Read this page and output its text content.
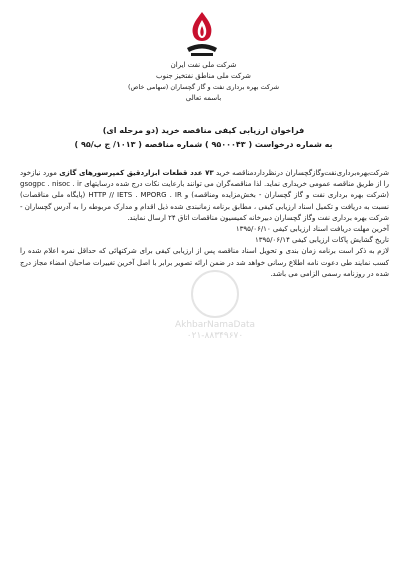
شرکت ملی نفت ایران

شرکت ملی مناطق نفتخیز جنوب

شرکت بهره برداری نفت و گاز گچساران (سهامی خاص)

باسمه تعالی

فراخوان ارزیابی کیفی مناقصه خرید (دو مرحله ای)

به شماره درخواست ( ۹۵۰۰۰۴۳ ) شماره مناقصه ( ۱۰۱۳/ ج ب/۹۵ )

AkhbarNamaData
۰۲۱-۸۸۳۴۹۶۷۰

شرکت‌بهره‌برداری‌نفت‌وگازگچساران درنظردارد‌مناقصه خرید ۷۳ عدد قطعات ابزاردقیق کمپرسورهای گازی مورد نیازخود را از طریق مناقصه عمومی خریداری نماید. لذا مناقصه‌گران می توانند بارعایت نکات درج شده درسایتهای gsogpc . nisoc . ir (شرکت بهره برداری نفت و گاز گچساران - بخش‌مزایده ومناقصه) و HTTP // IETS . MPORG . IR (پایگاه ملی مناقصات) نسبت به دریافت و تکمیل اسناد ارزیابی کیفی ، مطابق برنامه زمانبندی شده ذیل اقدام و مدارک مربوطه را به آدرس گچساران - شرکت بهره برداری نفت وگاز گچساران دبیرخانه کمیسیون مناقصات اتاق ۲۴ ارسال نمایند.

آخرین مهلت دریافت اسناد ارزیابی کیفی ۱۳۹۵/۰۶/۱۰

تاریخ گشایش پاکات ارزیابی کیفی ۱۳۹۵/۰۶/۱۴

لازم به ذکر است برنامه زمان بندی و تحویل اسناد مناقصه پس از ارزیابی کیفی برای شرکتهائی که حداقل نمره اعلام شده را کسب نمایند طی دعوت نامه اطلاع رسانی خواهد شد در ضمن ارائه تصویر برابر با اصل آخرین تغییرات صاحبان امضاء مجاز درج شده در روزنامه رسمی الزامی می باشد.
